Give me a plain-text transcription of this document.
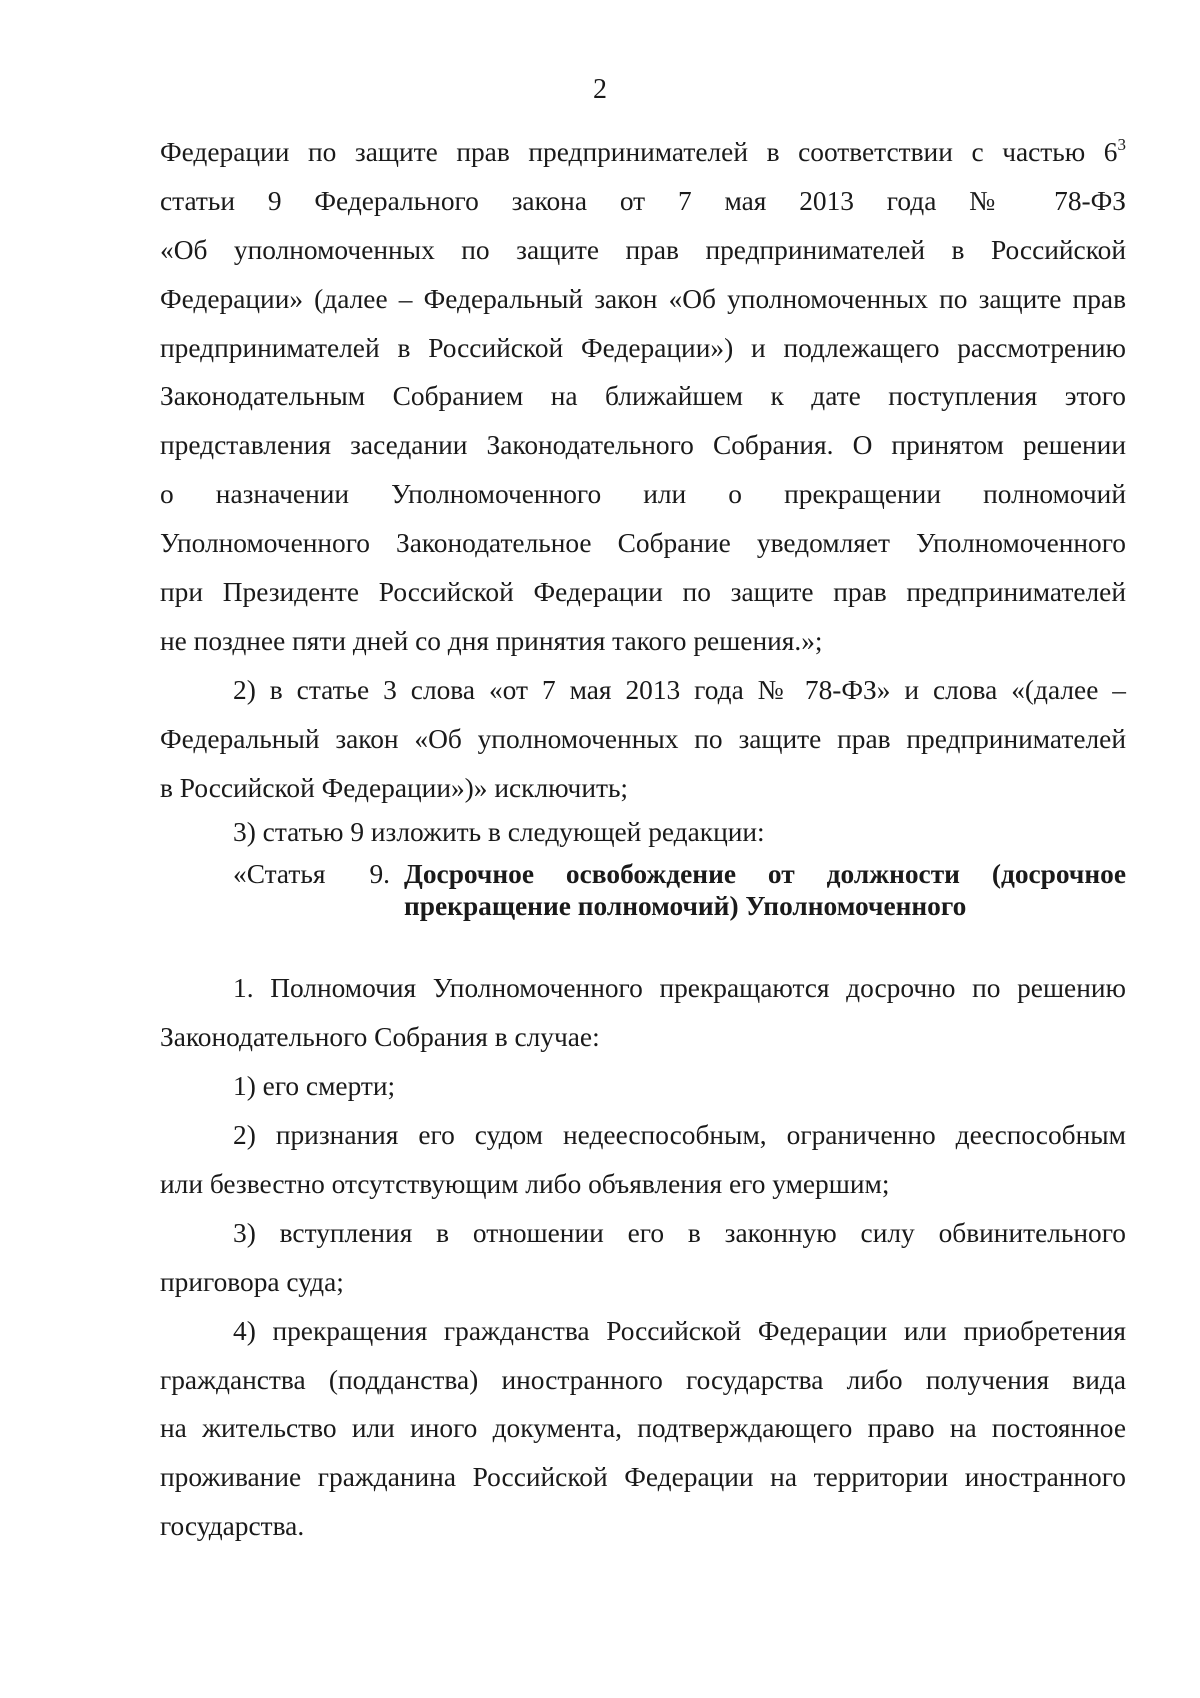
2
Федерации по защите прав предпринимателей в соответствии с частью $6^3$
статьи 9 Федерального закона от 7 мая 2013 года № 78-ФЗ
«Об уполномоченных по защите прав предпринимателей в Российской
Федерации» (далее – Федеральный закон «Об уполномоченных по защите прав
предпринимателей в Российской Федерации») и подлежащего рассмотрению
Законодательным Собранием на ближайшем к дате поступления этого
представления заседании Законодательного Собрания. О принятом решении
о назначении Уполномоченного или о прекращении полномочий
Уполномоченного Законодательное Собрание уведомляет Уполномоченного
при Президенте Российской Федерации по защите прав предпринимателей
не позднее пяти дней со дня принятия такого решения.»;
2) в статье 3 слова «от 7 мая 2013 года № 78-ФЗ» и слова «(далее –
Федеральный закон «Об уполномоченных по защите прав предпринимателей
в Российской Федерации»)» исключить;
3) статью 9 изложить в следующей редакции:
«Статья 9. Досрочное освобождение от должности (досрочное
прекращение полномочий) Уполномоченного
1. Полномочия Уполномоченного прекращаются досрочно по решению
Законодательного Собрания в случае:
1) его смерти;
2) признания его судом недееспособным, ограниченно дееспособным
или безвестно отсутствующим либо объявления его умершим;
3) вступления в отношении его в законную силу обвинительного
приговора суда;
4) прекращения гражданства Российской Федерации или приобретения
гражданства (подданства) иностранного государства либо получения вида
на жительство или иного документа, подтверждающего право на постоянное
проживание гражданина Российской Федерации на территории иностранного
государства.
